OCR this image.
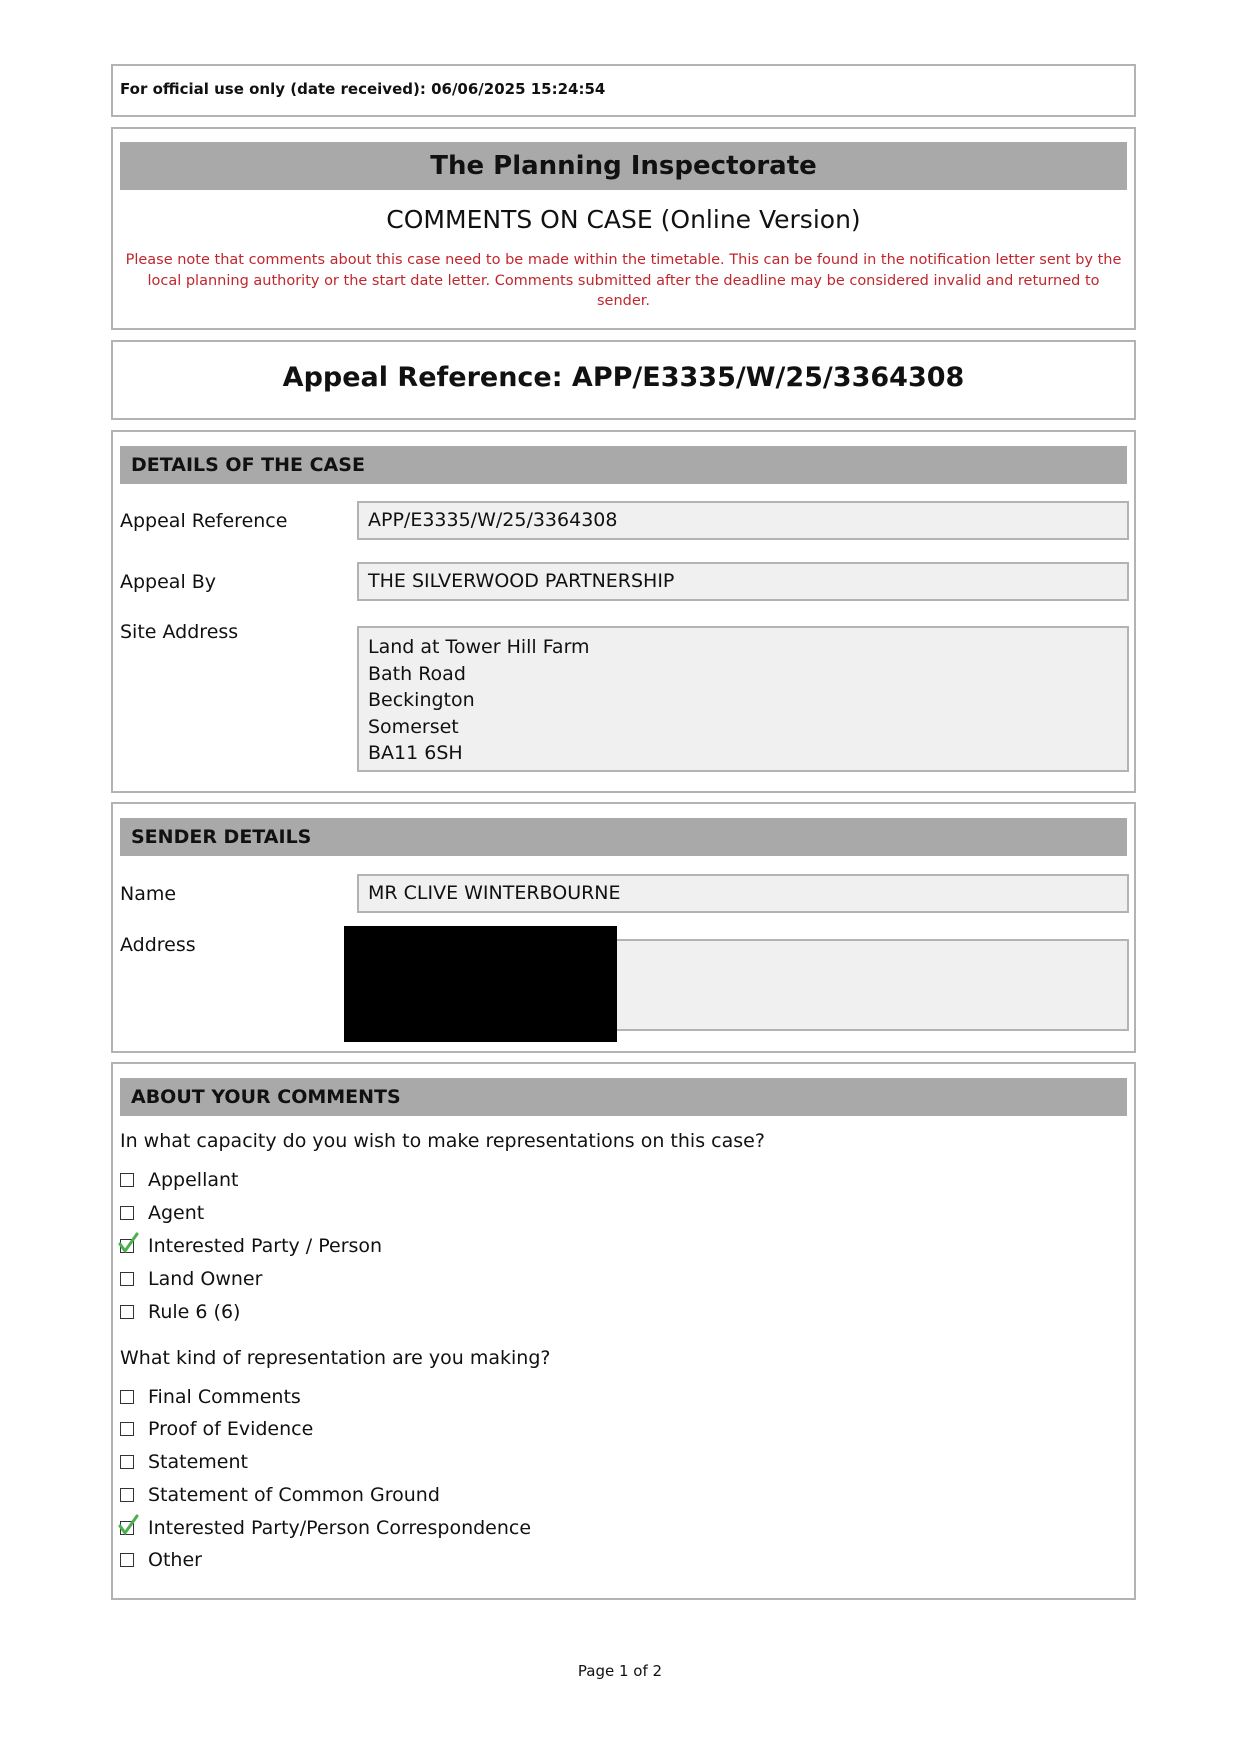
For official use only (date received): 06/06/2025 15:24:54
The Planning Inspectorate
COMMENTS ON CASE (Online Version)
Please note that comments about this case need to be made within the timetable. This can be found in the notification letter sent by the local planning authority or the start date letter. Comments submitted after the deadline may be considered invalid and returned to sender.
Appeal Reference: APP/E3335/W/25/3364308
DETAILS OF THE CASE
Appeal Reference	APP/E3335/W/25/3364308
Appeal By	THE SILVERWOOD PARTNERSHIP
Site Address
Land at Tower Hill Farm
Bath Road
Beckington
Somerset
BA11 6SH
SENDER DETAILS
Name	MR CLIVE WINTERBOURNE
Address
ABOUT YOUR COMMENTS
In what capacity do you wish to make representations on this case?
Appellant
Agent
Interested Party / Person
Land Owner
Rule 6 (6)
What kind of representation are you making?
Final Comments
Proof of Evidence
Statement
Statement of Common Ground
Interested Party/Person Correspondence
Other
Page 1 of 2
